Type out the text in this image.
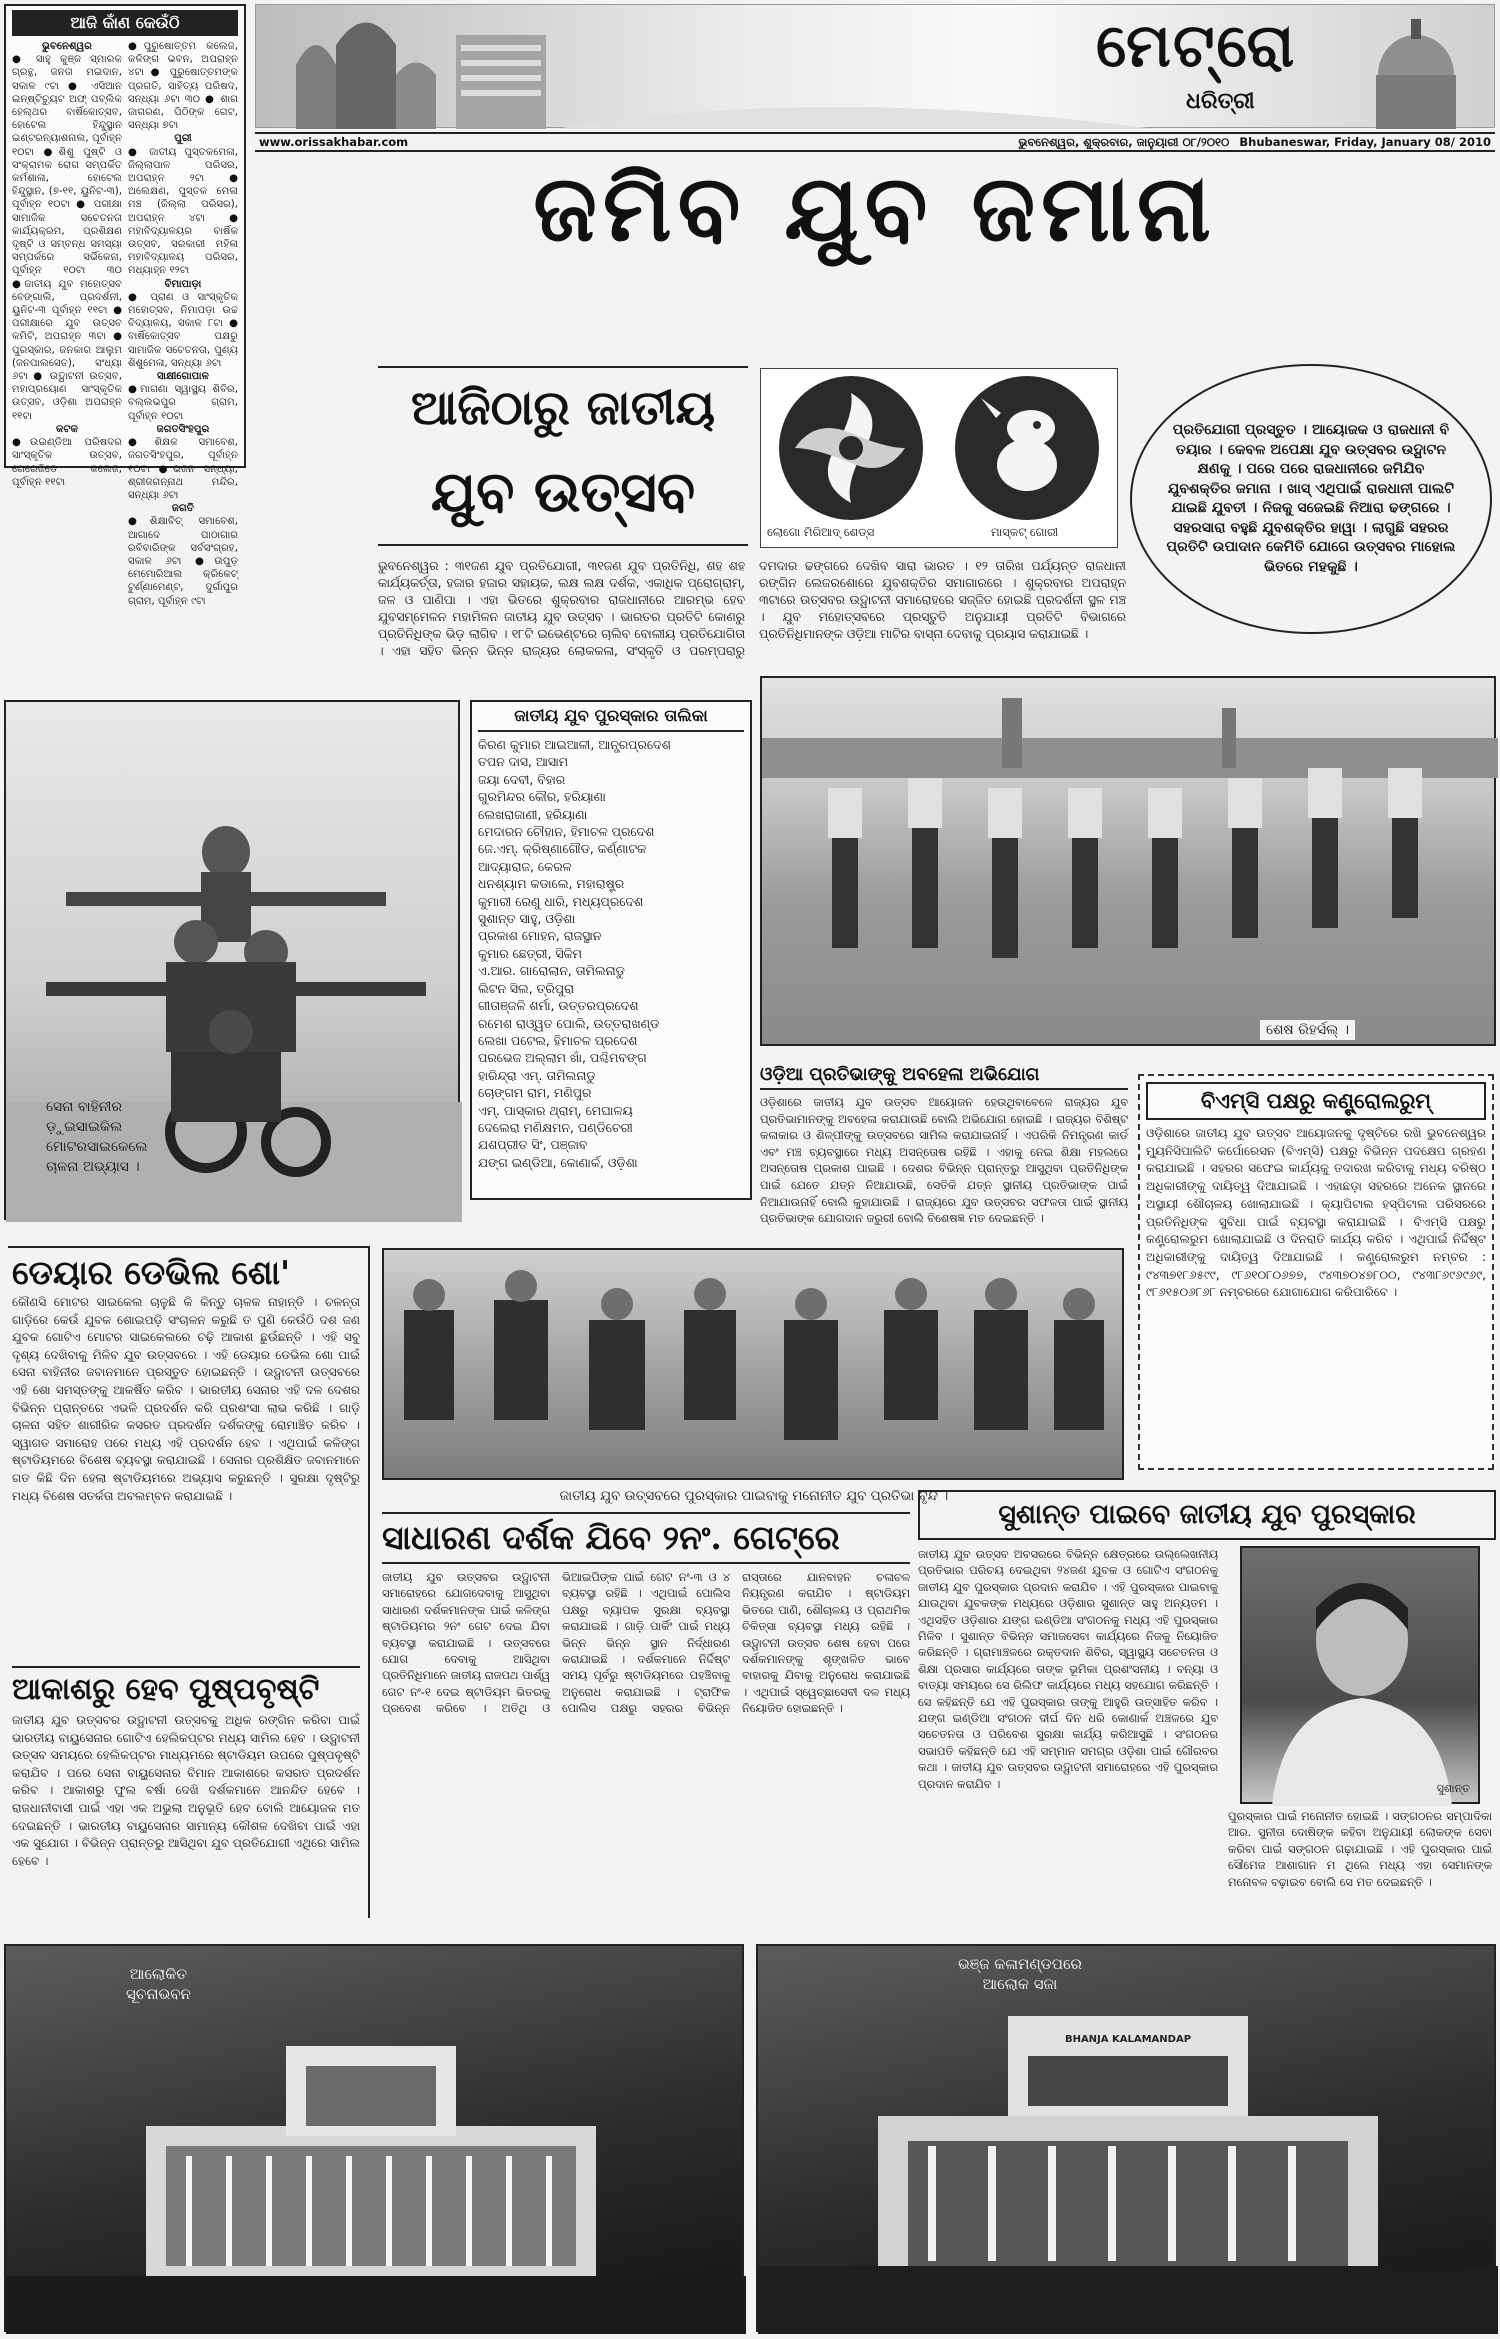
ଆଜି କାଁଣ କେଉଁଠି
ଭୁବନେଶ୍ୱର
● ସାହୁ କୁଞ୍ଜ ସ୍ମାରକ ଗ୍ରନ୍ଥ, ଜନତା ମଇଦାନ, ସକାଳ ୯ଟା ● ଏସିଆନ ଇନ୍ଷ୍ଟିଚ୍ୟୁଟ ଅଫ୍ ପବ୍ଲିକ ହେଲ୍ଥର ବାର୍ଷିକୋତ୍ସବ, ହୋଟେଲ ହିନ୍ଦୁସ୍ଥାନ ଇଣ୍ଟରନ୍ୟାଶନାଲ, ପୂର୍ବାହ୍ନ ୧୦ଟା ●ଶିଶୁ ପୁଷ୍ଟି ଓ ସଂକ୍ରାମକ ରୋଗ ସମ୍ପର୍କିତ କର୍ମଶାଳା, ହୋଟେଲ ହିନ୍ଦୁସ୍ଥାନ, (୭-୧୧, ୟୁନିଟ-୩), ପୂର୍ବାହ୍ନ ୧୦ଟା ● ପରୀକ୍ଷା ସାମାଜିକ ସଚେତନତା କାର୍ଯ୍ୟକ୍ରମ, ପ୍ରଶିକ୍ଷଣ ଦୃଷ୍ଟି ଓ ସମ୍ବନ୍ଧ ସମସ୍ୟା ସମ୍ପର୍କରେ ସର୍ଭିକେନା, ପୂର୍ବାହ୍ନ ୧୦ଟା ୩୦ ●ଜାତୀୟ ଯୁବ ମହୋତ୍ସବ ବେଙ୍ଗାଲି, ପ୍ରଦର୍ଶନୀ, ୟୁନିଟ-୩ ପୂର୍ବାହ୍ନ ୧୧ଟା ● ପରୀକ୍ଷାରେ ଯୁବ ଉତ୍ସବ କମିଟି, ଅପରାହ୍ନ ୩ଟା ● ପୁରସ୍କାର, ଜନକାର ଆଲୁମ (ଜନପାଲସେତ), ସଂଧ୍ୟା ୬ଟା ● ଉଦ୍ଘାଟନୀ ଉତ୍ସବ, ମହାପ୍ରୟୋଣ ସାଂସ୍କୃତିକ ଉତ୍ସବ, ଓଡ଼ିଶା ଅପରାହ୍ନ ୧୧ଟା
କଟକ
●ଉଇଣ୍ଡିଆ ପରିଷଦର ସାଂସ୍କୃତିକ ଉତ୍ସବ, ଗେରେଜିଡେ କଲେଜ, ପୂର୍ବାହ୍ନ ୧୧ଟା
●ପୁରୁଷୋତ୍ତମ କଲେଜ, କଳିଙ୍ଗ ଭବନ, ଅପରାହ୍ନ ୪ଟା ● ପୁରୁଷୋତ୍ତମଙ୍କ ପ୍ରଗତି, ସାହିତ୍ୟ ପରିଷଦ, ସନ୍ଧ୍ୟା ୬ଟା ୩୦ ● ଶାଗ ଜାଗରଣ, ପିଠିଙ୍କ ଗେଟ, ସନ୍ଧ୍ୟା ୭ଟା
ପୁରୀ
● ଜାତୀୟ ପୁସ୍ତକମେଳା, ଜିଲ୍ଲାପାଳ ପରିସର, ଅପରାହ୍ନ ୨ଟା ● ଅଲେକ୍ଷଣ, ପୁସ୍ତକ ମେଳା ମଞ୍ଚ (ଜିଲ୍ଲା ପରିସର), ଅପରାହ୍ନ ୪ଟା ● ମହାବିଦ୍ୟାଳୟର ବାର୍ଷିକ ଉତ୍ସବ, ସରକାରୀ ମହିଳା ମହାବିଦ୍ୟାଳୟ ପରିସର, ମଧ୍ୟାହ୍ନ ୧୨ଟା
ବିମାପାଡ଼ା
● ପ୍ରାଣ ଓ ସାଂସ୍କୃତିକ ମହୋତ୍ସବ, ନିମାପଡ଼ା ଉଚ୍ଚ ବିଦ୍ୟାଳୟ, ସକାଳ ୮ଟା ● ବାର୍ଷିକୋତ୍ସବ ପକ୍ଷରୁ ସାମାଜିକ ସଚେତନତା, ପୁଣ୍ୟ ଶିଶୁମେଳା, ସନ୍ଧ୍ୟା ୬ଟା
ସାକ୍ଷୀଗୋପାଳ
●ମାଗଣା ସ୍ୱାସ୍ଥ୍ୟ ଶିବିର, ବଲ୍ଲଭପୁର ଗ୍ରାମ, ପୂର୍ବାହ୍ନ ୧୦ଟା
ଜଗତସିଂହପୁର
●ଶିକ୍ଷକ ସମାବେଶ, ଜଗତସିଂହପୁର, ପୂର୍ବାହ୍ନ ୧୦ଟା ●ଭଜନ ସନ୍ଧ୍ୟା, ଶ୍ରୀଜଗନ୍ନାଥ ମନ୍ଦିର, ସନ୍ଧ୍ୟା ୬ଟା
ଜଗତି
●ଶିକ୍ଷାବିତ୍ ସମାବେଶ, ଆଗାଦେ ପାଠାଗାର ରବିବାରିଙ୍କ ସର୍ବସଂଗ୍ରହ, ସକାଳ ୬ଟା ●ଉପୁଡ଼ ମେମୋରିଆଲ କ୍ରିକେଟ୍ ଟୁର୍ଣ୍ଣାମେଣ୍ଟ, ଦୁର୍ଗାପୁର ଗ୍ରାମ, ପୂର୍ବାହ୍ନ ୯ଟା
ମେଟ୍ରୋ
ଧରିତ୍ରୀ
www.orissakhabar.com	ଭୁବନେଶ୍ୱର, ଶୁକ୍ରବାର, ଜାନୁୟାରୀ ୦୮/୨୦୧୦ Bhubaneswar, Friday, January 08/ 2010
ଜମିବ ଯୁବ ଜମାନା
ଆଜିଠାରୁ ଜାତୀୟ
ଯୁବ ଉତ୍ସବ
ଲୋଗୋ ମିରିଆଦ୍ ଶେଡ୍ସ	ମାସ୍କଟ୍ ଗୋରୀ
ପ୍ରତିଯୋଗୀ ପ୍ରସ୍ତୁତ । ଆୟୋଜକ ଓ ରାଜଧାନୀ ବି ତୟାର । କେବଳ ଅପେକ୍ଷା ଯୁବ ଉତ୍ସବର ଉଦ୍ଘାଟନ କ୍ଷଣକୁ । ପରେ ପରେ ରାଜଧାନୀରେ ଜମିଯିବ ଯୁବଶକ୍ତିର ଜମାନା । ଖାସ୍ ଏଥିପାଇଁ ରାଜଧାନୀ ପାଲଟି ଯାଇଛି ଯୁବତୀ । ନିଜକୁ ସଜେଇଛି ନିଆରା ଢଙ୍ଗରେ । ସହରସାରା ବହୁଛି ଯୁବଶକ୍ତିର ହାୱା । ଲାଗୁଛି ସହରର ପ୍ରତିଟି ଉପାଦାନ କେମିତି ଯୋଗେ ଉତ୍ସବର ମାହୋଲ ଭିତରେ ମହକୁଛି ।
ଭୁବନେଶ୍ୱର : ୩୧ଜଣ ଯୁବ ପ୍ରତିଯୋଗୀ, ୩୧ଜଣ ଯୁବ ପ୍ରତିନିଧି, ଶହ ଶହ କାର୍ଯ୍ୟକର୍ତ୍ତା, ହଜାର ହଜାର ସହାୟକ, ଲକ୍ଷ ଲକ୍ଷ ଦର୍ଶକ, ଏକାଧିକ ପ୍ରୋଗ୍ରାମ୍, ଜଳ ଓ ପାଣିପା । ଏହା ଭିତରେ ଶୁକ୍ରବାର ରାଜଧାନୀରେ ଆରମ୍ଭ ହେବ ଯୁବସମ୍ମେଳନ ମହାମିଳନ ଜାତୀୟ ଯୁବ ଉତ୍ସବ । ଭାରତର ପ୍ରତିଟି କୋଣରୁ ପ୍ରତିନିଧିଙ୍କ ଭିଡ଼ ଲାଗିବ । ୧୮ଟି ଇଭେଣ୍ଟରେ ଚାଲିବ ବୋଲୀୟ ପ୍ରତିଯୋଗିତା । ଏହା ସହିତ ଭିନ୍ନ ଭିନ୍ନ ରାଜ୍ୟର ଲୋକକଳା, ସଂସ୍କୃତି ଓ ପରମ୍ପରାରୁ ଦମଦାର ଢଙ୍ଗରେ ଦେଖିବ ସାରା ଭାରତ । ୧୨ ତାରିଖ ପର୍ଯ୍ୟନ୍ତ ରାଜଧାନୀ ରଙ୍ଗିନ ଲେଜରଶୋରେ ଯୁବଶକ୍ତିର ସମାଗାରରେ । ଶୁକ୍ରବାର ଅପରାହ୍ନ ୩ଟାରେ ଉତ୍ସବର ଉଦ୍ଘାଟନୀ ସମାରୋହରେ ସଜ୍ଜିତ ହୋଇଛି ପ୍ରଦର୍ଶନୀ ସ୍ଥଳ ମଞ୍ଚ । ଯୁବ ମହୋତ୍ସବରେ ପ୍ରସ୍ତୁତି ଅନୁଯାୟୀ ପ୍ରତିଟି ବିଭାଗରେ ପ୍ରତିନିଧିମାନଙ୍କ ଓଡ଼ିଆ ମାଟିର ବାସ୍ନା ଦେବାକୁ ପ୍ରୟାସ କରାଯାଇଛି ।
ସେନା ବାହିନୀର ଡ଼ୁଇସାଇକିଲ ମୋଟରସାଇକେଲେ ଚାଳନା ଅଭ୍ୟାସ ।
ଜାତୀୟ ଯୁବ ପୁରସ୍କାର ତାଲିକା
କିରଣ କୁମାର ଆଇଆଳୀ, ଆନ୍ଧ୍ରପ୍ରଦେଶ
ତପନ ଦାସ, ଆସାମ
ଜୟା ଦେବୀ, ବିହାର
ଗୁରମିନ୍ଦର କୌର, ହରିୟାଣା
ଲେଖରାଜାଣୀ, ହରିୟାଣା
ମେଦାରନ ଚୌହାନ, ହିମାଚଳ ପ୍ରଦେଶ
ଜେ.ଏମ୍. କ୍ରିଷ୍ଣାଗୌଡ, କର୍ଣ୍ଣାଟକ
ଆଦ୍ୟାରାଜ, କେରଳ
ଧନଶ୍ୟାମ କଡାଲେ, ମହାରାଷ୍ଟ୍ର
କୁମାରୀ ରେଣୁ ଧାରି, ମଧ୍ୟପ୍ରଦେଶ
ସୁଶାନ୍ତ ସାହୁ, ଓଡ଼ିଶା
ପ୍ରକାଶ ମୋହନ, ରାଜସ୍ଥାନ
କୁମାର ଛେତ୍ରୀ, ସିକିମ
ଏ.ଆର. ଗାରୋଲାନ, ତାମିଲନାଡୁ
ଲିଟନ ସିଲ, ତ୍ରିପୁରା
ଗୀତାଞ୍ଜଳି ଶର୍ମା, ଉତ୍ତରପ୍ରଦେଶ
ରମେଶ ରାଓ୍ୱତ ପୋଲି, ଉତ୍ତରାଖଣ୍ଡ
ଲେଖା ପଟେଲ, ହିମାଚଳ ପ୍ରଦେଶ
ପରଭେଜ ଅଲ୍ଲାମ ଖାଁ, ପଶ୍ଚିମବଙ୍ଗ
ହାରିନ୍ଦ୍ରା ଏମ୍. ତାମିଲନାଡୁ
ଚୋଙ୍ଗମ ରାମ, ମଣିପୁର
ଏମ୍. ପାସ୍କାର ଥ୍ରାମ୍, ମେଘାଳୟ
ଦେଲେରା ମଣିକ୍ଷମନ, ପଣ୍ଡିଚେରୀ
ଯଶପ୍ରୀତ ସିଂ, ପଞ୍ଜାବ
ଯଙ୍ଗ ଇଣ୍ଡିଆ, କୋଣାର୍କ, ଓଡ଼ିଶା
ଶେଷ ରିହର୍ସଲ୍ ।
ଓଡ଼ିଆ ପ୍ରତିଭାଙ୍କୁ ଅବହେଳା ଅଭିଯୋଗ
ଓଡ଼ିଶାରେ ଜାତୀୟ ଯୁବ ଉତ୍ସବ ଆୟୋଜନ ହେଉଥିବାବେଳେ ରାଜ୍ୟର ଯୁବ ପ୍ରତିଭାମାନଙ୍କୁ ଅବହେଳା କରାଯାଉଛି ବୋଲି ଅଭିଯୋଗ ହୋଇଛି । ରାଜ୍ୟର ବିଶିଷ୍ଟ କଳାକାର ଓ ଶିଳ୍ପୀଙ୍କୁ ଉତ୍ସବରେ ସାମିଲ କରାଯାଇନାହିଁ । ଏପରିକି ନିମନ୍ତ୍ରଣ କାର୍ଡ ଏବଂ ମଞ୍ଚ ବ୍ୟବସ୍ଥାରେ ମଧ୍ୟ ଅସନ୍ତୋଷ ରହିଛି । ଏହାକୁ ନେଇ ଶିକ୍ଷା ମହଲରେ ଅସନ୍ତୋଷ ପ୍ରକାଶ ପାଇଛି । ଦେଶର ବିଭିନ୍ନ ପ୍ରାନ୍ତରୁ ଆସୁଥିବା ପ୍ରତିନିଧିଙ୍କ ପାଇଁ ଯେତେ ଯତ୍ନ ନିଆଯାଉଛି, ସେତିକି ଯତ୍ନ ସ୍ଥାନୀୟ ପ୍ରତିଭାଙ୍କ ପାଇଁ ନିଆଯାଉନାହିଁ ବୋଲି କୁହାଯାଉଛି । ରାଜ୍ୟରେ ଯୁବ ଉତ୍ସବର ସଫଳତା ପାଇଁ ସ୍ଥାନୀୟ ପ୍ରତିଭାଙ୍କ ଯୋଗଦାନ ଜରୁରୀ ବୋଲି ବିଶେଷଜ୍ଞ ମତ ଦେଇଛନ୍ତି ।
ବିଏମ୍‌ସି ପକ୍ଷରୁ କଣ୍ଟ୍ରୋଲରୁମ୍
ଓଡ଼ିଶାରେ ଜାତୀୟ ଯୁବ ଉତ୍ସବ ଆୟୋଜନକୁ ଦୃଷ୍ଟିରେ ରଖି ଭୁବନେଶ୍ୱର ମ୍ୟୁନିସିପାଲିଟି କର୍ପୋରେସନ (ବିଏମ୍‌ସି) ପକ୍ଷରୁ ବିଭିନ୍ନ ପଦକ୍ଷେପ ଗ୍ରହଣ କରାଯାଇଛି । ସହରର ସଫେଇ କାର୍ଯ୍ୟକୁ ତଦାରଖ କରିବାକୁ ମଧ୍ୟ ବରିଷ୍ଠ ଅଧିକାରୀଙ୍କୁ ଦାୟିତ୍ୱ ଦିଆଯାଇଛି । ଏହାଛଡ଼ା ସହରରେ ଅନେକ ସ୍ଥାନରେ ଅସ୍ଥାୟୀ ଶୌଚାଳୟ ଖୋଲାଯାଇଛି । କ୍ୟାପିଟାଲ ହସ୍ପିଟାଲ ପରିସରରେ ପ୍ରତିନିଧିଙ୍କ ସୁବିଧା ପାଇଁ ବ୍ୟବସ୍ଥା କରାଯାଇଛି । ବିଏମ୍‌ସି ପକ୍ଷରୁ କଣ୍ଟ୍ରୋଲରୁମ ଖୋଲାଯାଇଛି ଓ ଦିନରାତି କାର୍ଯ୍ୟ କରିବ । ଏଥିପାଇଁ ନିର୍ଦ୍ଦିଷ୍ଟ ଅଧିକାରୀଙ୍କୁ ଦାୟିତ୍ୱ ଦିଆଯାଇଛି । କଣ୍ଟ୍ରୋଲରୁମ ନମ୍ବର : ୯୪୩୭୧୮୬୫୯୯, ୯୮୬୧୦୮୦୬୭୭, ୯୪୩୭୦୪୭୮୦୦, ୯୪୩୮୬୯୬୯୬୯, ୯୮୬୧୫୦୬୮୬୮ ନମ୍ବରରେ ଯୋଗାଯୋଗ କରିପାରିବେ ।
ଡେୟାର ଡେଭିଲ ଶୋ'
କୌଣସି ମୋଟର ସାଇକେଲ ଚାଳୁଛି କି କିନ୍ତୁ ଚାଳକ ନାହାନ୍ତି । ଚଳନ୍ତା ଗାଡ଼ିରେ କେଉଁ ଯୁବକ ଶୋଇପଡ଼ି ସଂଚାଳନ କରୁଛି ତ ପୁଣି କେଉଁଠି ଦଶ ଜଣ ଯୁବକ ଗୋଟିଏ ମୋଟର ସାଇକେଲରେ ଚଢ଼ି ଆକାଶ ଛୁଉଁଛନ୍ତି । ଏହି ସବୁ ଦୃଶ୍ୟ ଦେଖିବାକୁ ମିଳିବ ଯୁବ ଉତ୍ସବରେ । ଏହି ଡେୟାର ଡେଭିଲ ଶୋ ପାଇଁ ସେନା ବାହିନୀର ଜବାନମାନେ ପ୍ରସ୍ତୁତ ହୋଇଛନ୍ତି । ଉଦ୍ଘାଟନୀ ଉତ୍ସବରେ ଏହି ଶୋ ସମସ୍ତଙ୍କୁ ଆକର୍ଷିତ କରିବ । ଭାରତୀୟ ସେନାର ଏହି ଦଳ ଦେଶର ବିଭିନ୍ନ ପ୍ରାନ୍ତରେ ଏଭଳି ପ୍ରଦର୍ଶନ କରି ପ୍ରଶଂସା ଲାଭ କରିଛି । ଗାଡ଼ି ଚାଳନା ସହିତ ଶାରୀରିକ କସରତ ପ୍ରଦର୍ଶନ ଦର୍ଶକଙ୍କୁ ରୋମାଞ୍ଚିତ କରିବ । ସ୍ୱାଗତ ସମାରୋହ ପରେ ମଧ୍ୟ ଏହି ପ୍ରଦର୍ଶନ ହେବ । ଏଥିପାଇଁ କଳିଙ୍ଗ ଷ୍ଟାଡିୟମରେ ବିଶେଷ ବ୍ୟବସ୍ଥା କରାଯାଇଛି । ସେନାର ପ୍ରଶିକ୍ଷିତ ଜବାନମାନେ ଗତ କିଛି ଦିନ ହେଲା ଷ୍ଟାଡିୟମରେ ଅଭ୍ୟାସ କରୁଛନ୍ତି । ସୁରକ୍ଷା ଦୃଷ୍ଟିରୁ ମଧ୍ୟ ବିଶେଷ ସତର୍କତା ଅବଲମ୍ବନ କରାଯାଇଛି ।
ଆକାଶରୁ ହେବ ପୁଷ୍ପବୃଷ୍ଟି
ଜାତୀୟ ଯୁବ ଉତ୍ସବର ଉଦ୍ଘାଟନୀ ଉତ୍ସବକୁ ଅଧିକ ରଙ୍ଗିନ କରିବା ପାଇଁ ଭାରତୀୟ ବାୟୁସେନାର ଗୋଟିଏ ହେଲିକପ୍ଟର ମଧ୍ୟ ସାମିଲ ହେବ । ଉଦ୍ଘାଟନୀ ଉତ୍ସବ ସମୟରେ ହେଲିକପ୍ଟର ମାଧ୍ୟମରେ ଷ୍ଟାଡିୟମ ଉପରେ ପୁଷ୍ପବୃଷ୍ଟି କରାଯିବ । ପରେ ସେନା ବାୟୁସେନାର ବିମାନ ଆକାଶରେ କସରତ ପ୍ରଦର୍ଶନ କରିବ । ଆକାଶରୁ ଫୁଲ ବର୍ଷା ଦେଖି ଦର୍ଶକମାନେ ଆନନ୍ଦିତ ହେବେ । ରାଜଧାନୀବାସୀ ପାଇଁ ଏହା ଏକ ଅଭୁଲା ଅନୁଭୂତି ହେବ ବୋଲି ଆୟୋଜକ ମତ ଦେଇଛନ୍ତି । ଭାରତୀୟ ବାୟୁସେନାର ସାମାନ୍ୟ କୌଶଳ ଦେଖିବା ପାଇଁ ଏହା ଏକ ସୁଯୋଗ । ବିଭିନ୍ନ ପ୍ରାନ୍ତରୁ ଆସିଥିବା ଯୁବ ପ୍ରତିଯୋଗୀ ଏଥିରେ ସାମିଲ ହେବେ ।
ଜାତୀୟ ଯୁବ ଉତ୍ସବରେ ପୁରସ୍କାର ପାଇବାକୁ ମନୋନୀତ ଯୁବ ପ୍ରତିଭା ବୃନ୍ଦ ।
ସାଧାରଣ ଦର୍ଶକ ଯିବେ ୨ନଂ. ଗେଟ୍‌ରେ
ଜାତୀୟ ଯୁବ ଉତ୍ସବର ଉଦ୍ଘାଟନୀ ସମାରୋହରେ ଯୋଗଦେବାକୁ ଆସୁଥିବା ସାଧାରଣ ଦର୍ଶକମାନଙ୍କ ପାଇଁ କଳିଙ୍ଗ ଷ୍ଟାଡିୟମର ୨ନଂ ଗେଟ ଦେଇ ଯିବା ବ୍ୟବସ୍ଥା କରାଯାଇଛି । ଉତ୍ସବରେ ଯୋଗ ଦେବାକୁ ଆସିଥିବା ପ୍ରତିନିଧିମାନେ ଜାତୀୟ ରାଜପଥ ପାର୍ଶ୍ୱ ଗେଟ ନଂ-୧ ଦେଇ ଷ୍ଟାଡିୟମ ଭିତରକୁ ପ୍ରବେଶ କରିବେ । ଅତିଥି ଓ ଭିଆଇପିଙ୍କ ପାଇଁ ଗେଟ ନଂ-୩ ଓ ୪ ବ୍ୟବସ୍ଥା ରହିଛି । ଏଥିପାଇଁ ପୋଲିସ ପକ୍ଷରୁ ବ୍ୟାପକ ସୁରକ୍ଷା ବ୍ୟବସ୍ଥା କରାଯାଇଛି । ଗାଡ଼ି ପାର୍କିଂ ପାଇଁ ମଧ୍ୟ ଭିନ୍ନ ଭିନ୍ନ ସ୍ଥାନ ନିର୍ଦ୍ଧାରଣ କରାଯାଇଛି । ଦର୍ଶକମାନେ ନିର୍ଦ୍ଦିଷ୍ଟ ସମୟ ପୂର୍ବରୁ ଷ୍ଟାଡିୟମରେ ପହଞ୍ଚିବାକୁ ଅନୁରୋଧ କରାଯାଇଛି । ଟ୍ରାଫିକ ପୋଲିସ ପକ୍ଷରୁ ସହରର ବିଭିନ୍ନ ରାସ୍ତାରେ ଯାନବାହନ ଚଳାଚଳ ନିୟନ୍ତ୍ରଣ କରାଯିବ । ଷ୍ଟାଡିୟମ ଭିତରେ ପାଣି, ଶୌଚାଳୟ ଓ ପ୍ରାଥମିକ ଚିକିତ୍ସା ବ୍ୟବସ୍ଥା ମଧ୍ୟ ରହିଛି । ଉଦ୍ଘାଟନୀ ଉତ୍ସବ ଶେଷ ହେବା ପରେ ଦର୍ଶକମାନଙ୍କୁ ଶୃଙ୍ଖଳିତ ଭାବେ ବାହାରକୁ ଯିବାକୁ ଅନୁରୋଧ କରାଯାଇଛି । ଏଥିପାଇଁ ସ୍ୱେଚ୍ଛାସେବୀ ଦଳ ମଧ୍ୟ ନିୟୋଜିତ ହୋଇଛନ୍ତି ।
ସୁଶାନ୍ତ ପାଇବେ ଜାତୀୟ ଯୁବ ପୁରସ୍କାର
ଜାତୀୟ ଯୁବ ଉତ୍ସବ ଅବସରରେ ବିଭିନ୍ନ କ୍ଷେତ୍ରରେ ଉଲ୍ଲେଖନୀୟ ପ୍ରତିଭାର ପରିଚୟ ଦେଇଥିବା ୨୪ଜଣ ଯୁବକ ଓ ଗୋଟିଏ ସଂଗଠନକୁ ଜାତୀୟ ଯୁବ ପୁରସ୍କାର ପ୍ରଦାନ କରାଯିବ । ଏହି ପୁରସ୍କାର ପାଇବାକୁ ଯାଉଥିବା ଯୁବକଙ୍କ ମଧ୍ୟରେ ଓଡ଼ିଶାର ସୁଶାନ୍ତ ସାହୁ ଅନ୍ୟତମ । ଏଥିସହିତ ଓଡ଼ିଶାର ଯଙ୍ଗ ଇଣ୍ଡିଆ ସଂଗଠନକୁ ମଧ୍ୟ ଏହି ପୁରସ୍କାର ମିଳିବ । ସୁଶାନ୍ତ ବିଭିନ୍ନ ସମାଜସେବା କାର୍ଯ୍ୟରେ ନିଜକୁ ନିୟୋଜିତ କରିଛନ୍ତି । ଗ୍ରାମାଞ୍ଚଳରେ ରକ୍ତଦାନ ଶିବିର, ସ୍ୱାସ୍ଥ୍ୟ ସଚେତନତା ଓ ଶିକ୍ଷା ପ୍ରସାର କାର୍ଯ୍ୟରେ ତାଙ୍କ ଭୂମିକା ପ୍ରଶଂସନୀୟ । ବନ୍ୟା ଓ ବାତ୍ୟା ସମୟରେ ସେ ରିଲିଫ କାର୍ଯ୍ୟରେ ମଧ୍ୟ ସହଯୋଗ କରିଛନ୍ତି । ସେ କହିଛନ୍ତି ଯେ ଏହି ପୁରସ୍କାର ତାଙ୍କୁ ଆହୁରି ଉତ୍ସାହିତ କରିବ । ଯଙ୍ଗ ଇଣ୍ଡିଆ ସଂଗଠନ ଦୀର୍ଘ ଦିନ ଧରି କୋଣାର୍କ ଅଞ୍ଚଳରେ ଯୁବ ସଚେତନତା ଓ ପରିବେଶ ସୁରକ୍ଷା କାର୍ଯ୍ୟ କରିଆସୁଛି । ସଂଗଠନର ସଭାପତି କହିଛନ୍ତି ଯେ ଏହି ସମ୍ମାନ ସମଗ୍ର ଓଡ଼ିଶା ପାଇଁ ଗୌରବର କଥା । ଜାତୀୟ ଯୁବ ଉତ୍ସବର ଉଦ୍ଘାଟନୀ ସମାରୋହରେ ଏହି ପୁରସ୍କାର ପ୍ରଦାନ କରାଯିବ ।	ସୁଶାନ୍ତ
ପୁରସ୍କାର ପାଇଁ ମନୋନୀତ ହୋଇଛି । ସଙ୍ଗଠନର ସମ୍ପାଦିକା ଆର. ସୁନୀତା ଦୋଷିଙ୍କ କହିବା ଅନୁଯାୟୀ ଲୋକଙ୍କ ସେବା କରିବା ପାଇଁ ସଙ୍ଗଠନ ଗଢ଼ାଯାଇଛି । ଏହି ପୁରସ୍କାର ପାଇଁ ସୌମେଜ ଆଶାଗାନ ମ ଥିଲେ ମଧ୍ୟ ଏହା ସେମାନଙ୍କ ମନୋବଳ ବଢ଼ାଇବ ବୋଲି ସେ ମତ ଦେଇଛନ୍ତି ।
ଆଲୋକିତ
ସୂଚନାଭବନ
BHANJA KALAMANDAP
ଭଞ୍ଜ କଳାମଣ୍ଡପରେ
ଆଲୋକ ସଜା
